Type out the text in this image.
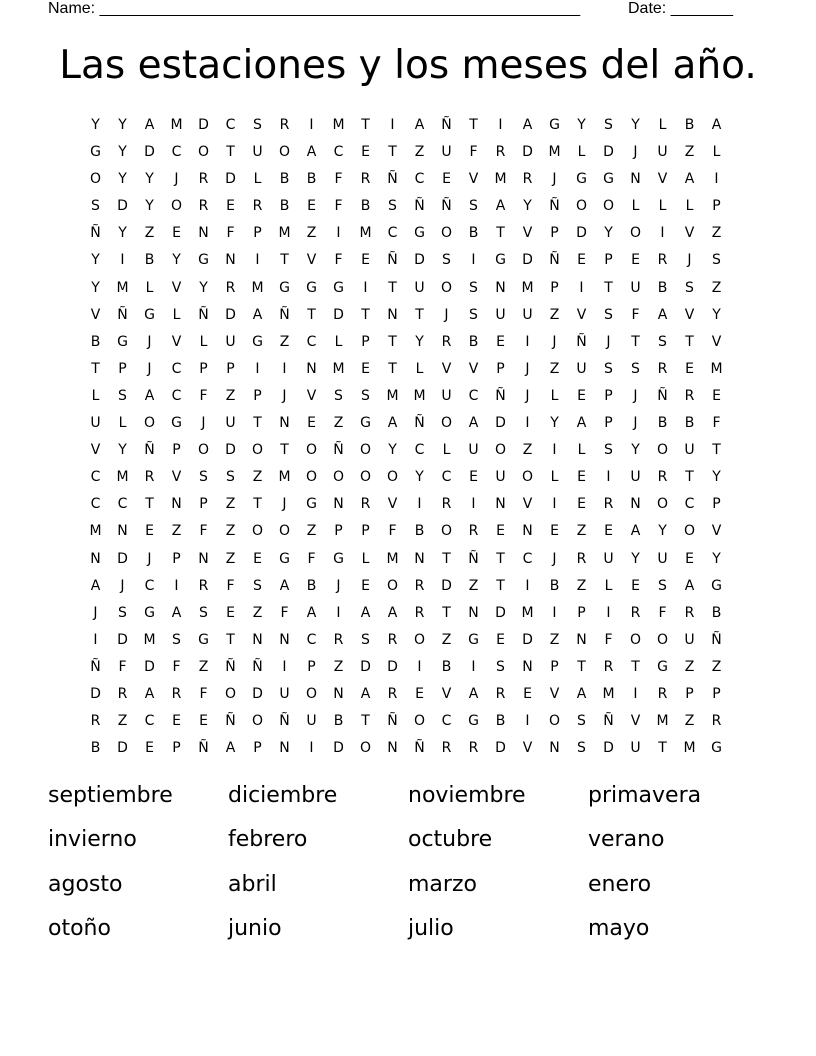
Name: ______________________________________________________	Date: _______
Las estaciones y los meses del año.
Y	Y	A	M	D	C	S	R	I	M	T	I	A	Ñ	T	I	A	G	Y	S	Y	L	B	A
G	Y	D	C	O	T	U	O	A	C	E	T	Z	U	F	R	D	M	L	D	J	U	Z	L
O	Y	Y	J	R	D	L	B	B	F	R	Ñ	C	E	V	M	R	J	G	G	N	V	A	I
S	D	Y	O	R	E	R	B	E	F	B	S	Ñ	Ñ	S	A	Y	Ñ	O	O	L	L	L	P
Ñ	Y	Z	E	N	F	P	M	Z	I	M	C	G	O	B	T	V	P	D	Y	O	I	V	Z
Y	I	B	Y	G	N	I	T	V	F	E	Ñ	D	S	I	G	D	Ñ	E	P	E	R	J	S
Y	M	L	V	Y	R	M	G	G	G	I	T	U	O	S	N	M	P	I	T	U	B	S	Z
V	Ñ	G	L	Ñ	D	A	Ñ	T	D	T	N	T	J	S	U	U	Z	V	S	F	A	V	Y
B	G	J	V	L	U	G	Z	C	L	P	T	Y	R	B	E	I	J	Ñ	J	T	S	T	V
T	P	J	C	P	P	I	I	N	M	E	T	L	V	V	P	J	Z	U	S	S	R	E	M
L	S	A	C	F	Z	P	J	V	S	S	M	M	U	C	Ñ	J	L	E	P	J	Ñ	R	E
U	L	O	G	J	U	T	N	E	Z	G	A	Ñ	O	A	D	I	Y	A	P	J	B	B	F
V	Y	Ñ	P	O	D	O	T	O	Ñ	O	Y	C	L	U	O	Z	I	L	S	Y	O	U	T
C	M	R	V	S	S	Z	M	O	O	O	O	Y	C	E	U	O	L	E	I	U	R	T	Y
C	C	T	N	P	Z	T	J	G	N	R	V	I	R	I	N	V	I	E	R	N	O	C	P
M	N	E	Z	F	Z	O	O	Z	P	P	F	B	O	R	E	N	E	Z	E	A	Y	O	V
N	D	J	P	N	Z	E	G	F	G	L	M	N	T	Ñ	T	C	J	R	U	Y	U	E	Y
A	J	C	I	R	F	S	A	B	J	E	O	R	D	Z	T	I	B	Z	L	E	S	A	G
J	S	G	A	S	E	Z	F	A	I	A	A	R	T	N	D	M	I	P	I	R	F	R	B
I	D	M	S	G	T	N	N	C	R	S	R	O	Z	G	E	D	Z	N	F	O	O	U	Ñ
Ñ	F	D	F	Z	Ñ	Ñ	I	P	Z	D	D	I	B	I	S	N	P	T	R	T	G	Z	Z
D	R	A	R	F	O	D	U	O	N	A	R	E	V	A	R	E	V	A	M	I	R	P	P
R	Z	C	E	E	Ñ	O	Ñ	U	B	T	Ñ	O	C	G	B	I	O	S	Ñ	V	M	Z	R
B	D	E	P	Ñ	A	P	N	I	D	O	N	Ñ	R	R	D	V	N	S	D	U	T	M	G
septiembre	diciembre	noviembre	primavera
invierno	febrero	octubre	verano
agosto	abril	marzo	enero
otoño	junio	julio	mayo
